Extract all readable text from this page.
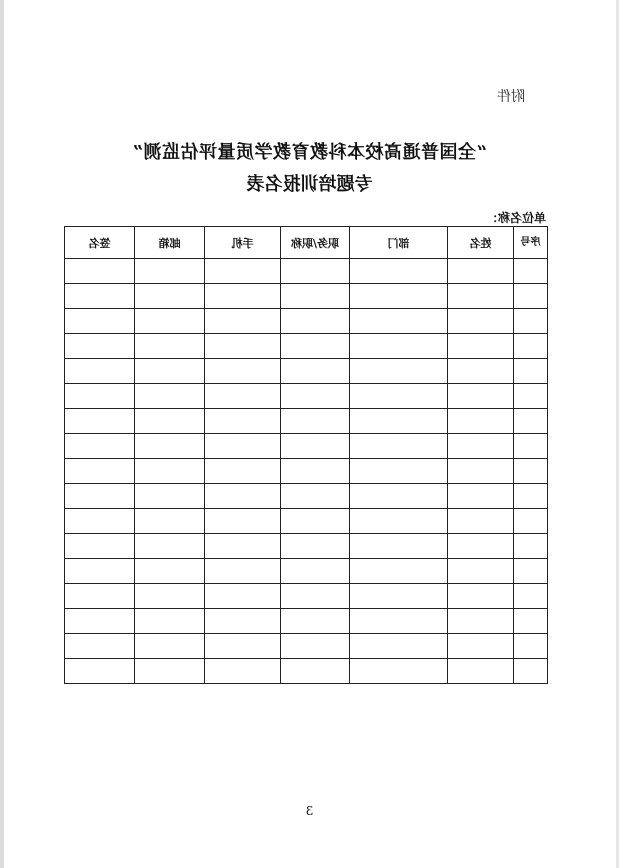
附件
“全国普通高校本科教育教学质量评估监测”
专题培训报名表
单位名称：
序号	姓名	部门	职务/职称	手机	邮箱	签名

3
